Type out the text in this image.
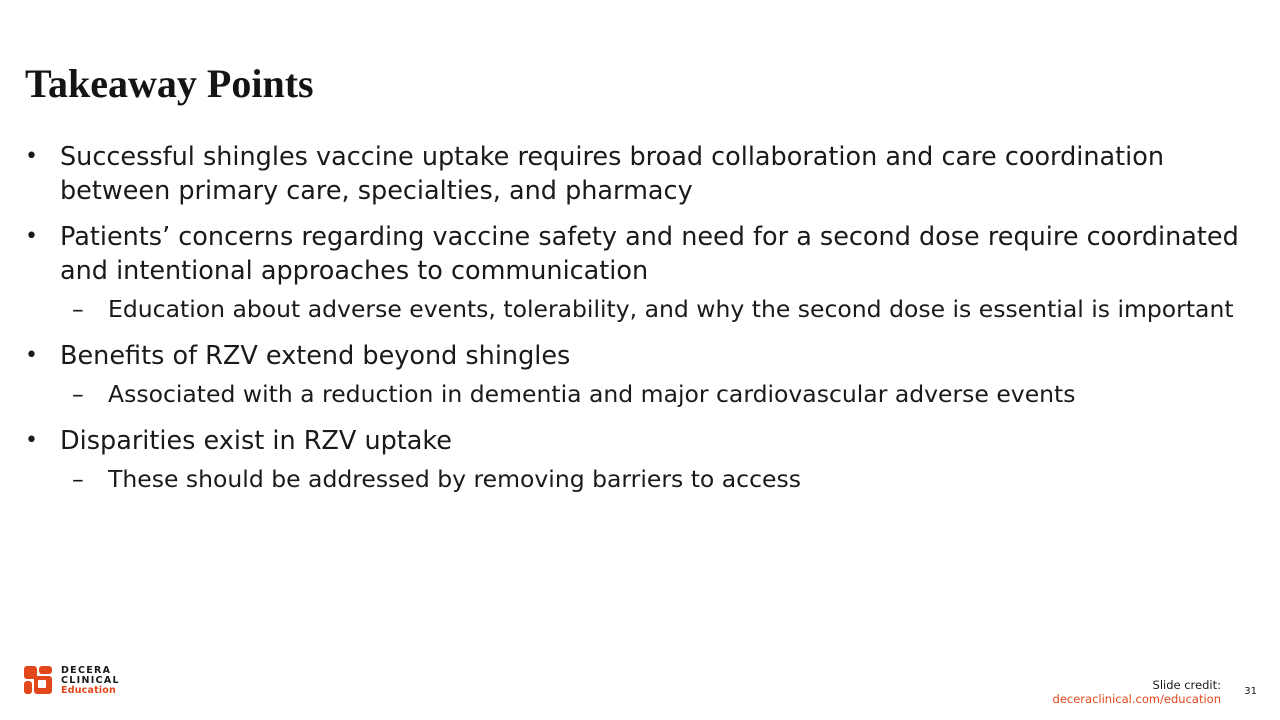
Takeaway Points
• Successful shingles vaccine uptake requires broad collaboration and care coordination between primary care, specialties, and pharmacy
• Patients’ concerns regarding vaccine safety and need for a second dose require coordinated and intentional approaches to communication
–	Education about adverse events, tolerability, and why the second dose is essential is important
• Benefits of RZV extend beyond shingles
–	Associated with a reduction in dementia and major cardiovascular adverse events
• Disparities exist in RZV uptake
–	These should be addressed by removing barriers to access
DECERA
CLINICAL
Education	Slide credit:
deceraclinical.com/education
31
